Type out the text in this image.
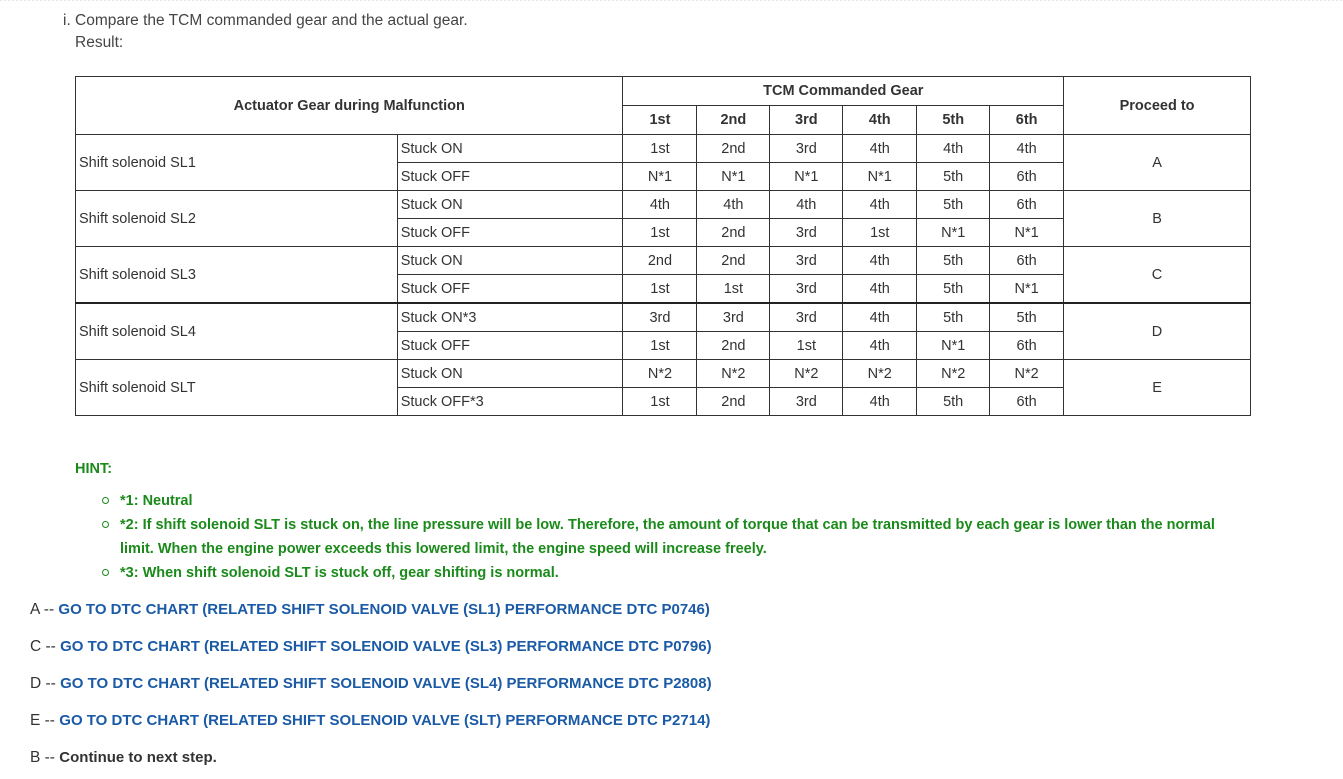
i. Compare the TCM commanded gear and the actual gear.
Result:
Actuator Gear during Malfunction		TCM Commanded Gear						Proceed to
		1st	2nd	3rd	4th	5th	6th	
Shift solenoid SL1	Stuck ON	1st	2nd	3rd	4th	4th	4th	A
	Stuck OFF	N*1	N*1	N*1	N*1	5th	6th	
Shift solenoid SL2	Stuck ON	4th	4th	4th	4th	5th	6th	B
	Stuck OFF	1st	2nd	3rd	1st	N*1	N*1	
Shift solenoid SL3	Stuck ON	2nd	2nd	3rd	4th	5th	6th	C
	Stuck OFF	1st	1st	3rd	4th	5th	N*1	
Shift solenoid SL4	Stuck ON*3	3rd	3rd	3rd	4th	5th	5th	D
	Stuck OFF	1st	2nd	1st	4th	N*1	6th	
Shift solenoid SLT	Stuck ON	N*2	N*2	N*2	N*2	N*2	N*2	E
	Stuck OFF*3	1st	2nd	3rd	4th	5th	6th	
HINT:
*1: Neutral
*2: If shift solenoid SLT is stuck on, the line pressure will be low. Therefore, the amount of torque that can be transmitted by each gear is lower than the normal limit. When the engine power exceeds this lowered limit, the engine speed will increase freely.
*3: When shift solenoid SLT is stuck off, gear shifting is normal.
A -- GO TO DTC CHART (RELATED SHIFT SOLENOID VALVE (SL1) PERFORMANCE DTC P0746)
C -- GO TO DTC CHART (RELATED SHIFT SOLENOID VALVE (SL3) PERFORMANCE DTC P0796)
D -- GO TO DTC CHART (RELATED SHIFT SOLENOID VALVE (SL4) PERFORMANCE DTC P2808)
E -- GO TO DTC CHART (RELATED SHIFT SOLENOID VALVE (SLT) PERFORMANCE DTC P2714)
B -- Continue to next step.
